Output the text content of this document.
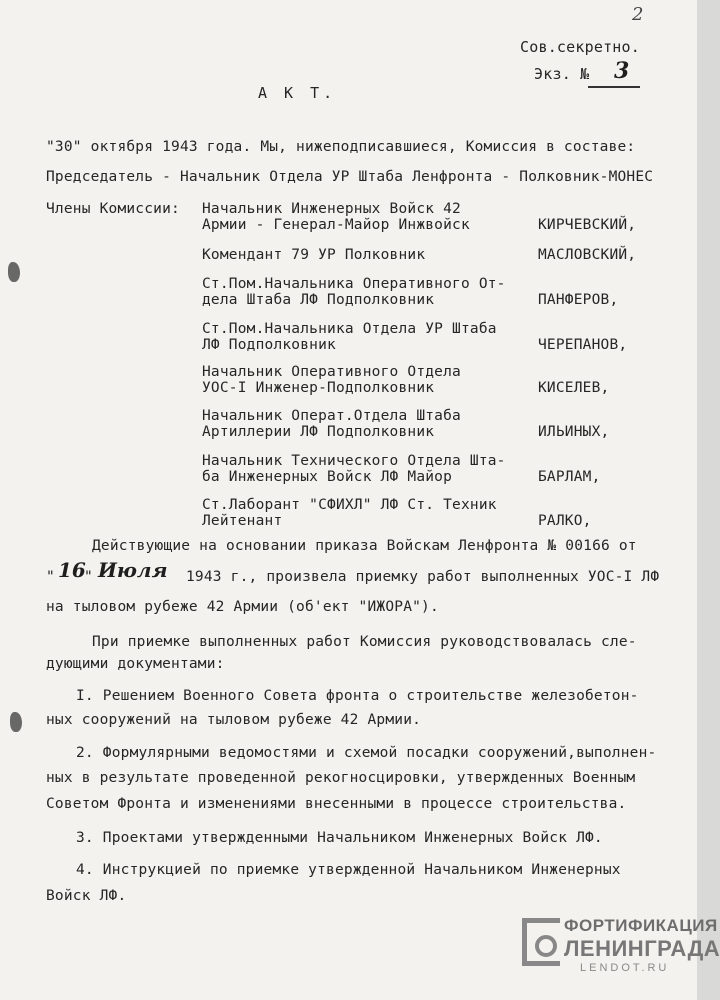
2
Сов.секретно.
Экз. № 3
А К Т.
"30" октября 1943 года. Мы, нижеподписавшиеся, Комиссия в составе:
Председатель - Начальник Отдела УР Штаба Ленфронта - Полковник-МОНЕС
Члены Комиссии: Начальник Инженерных Войск 42
Армии - Генерал-Майор Инжвойск	КИРЧЕВСКИЙ,
Комендант 79 УР Полковник	МАСЛОВСКИЙ,
Ст.Пом.Начальника Оперативного От-
дела Штаба ЛФ Подполковник	ПАНФЕРОВ,
Ст.Пом.Начальника Отдела УР Штаба
ЛФ Подполковник	ЧЕРЕПАНОВ,
Начальник Оперативного Отдела
УОС-I Инженер-Подполковник	КИСЕЛЕВ,
Начальник Операт.Отдела Штаба
Артиллерии ЛФ Подполковник	ИЛЬИНЫХ,
Начальник Технического Отдела Шта-
ба Инженерных Войск ЛФ Майор	БАРЛАМ,
Ст.Лаборант "СФИХЛ" ЛФ Ст. Техник
Лейтенант	РАЛКО,
Действующие на основании приказа Войскам Ленфронта № 00166 от
" 16
" Июля 1943 г., произвела приемку работ выполненных УОС-I ЛФ
на тыловом рубеже 42 Армии (об'ект "ИЖОРА").
При приемке выполненных работ Комиссия руководствовалась сле-
дующими документами:
I. Решением Военного Совета фронта о строительстве железобетон-
ных сооружений на тыловом рубеже 42 Армии.
2. Формулярными ведомостями и схемой посадки сооружений,выполнен-
ных в результате проведенной рекогносцировки, утвержденных Военным
Советом Фронта и изменениями внесенными в процессе строительства.
3. Проектами утвержденными Начальником Инженерных Войск ЛФ.
4. Инструкцией по приемке утвержденной Начальником Инженерных
Войск ЛФ.
ФОРТИФИКАЦИЯ
ЛЕНИНГРАДА
LENDOT.RU
